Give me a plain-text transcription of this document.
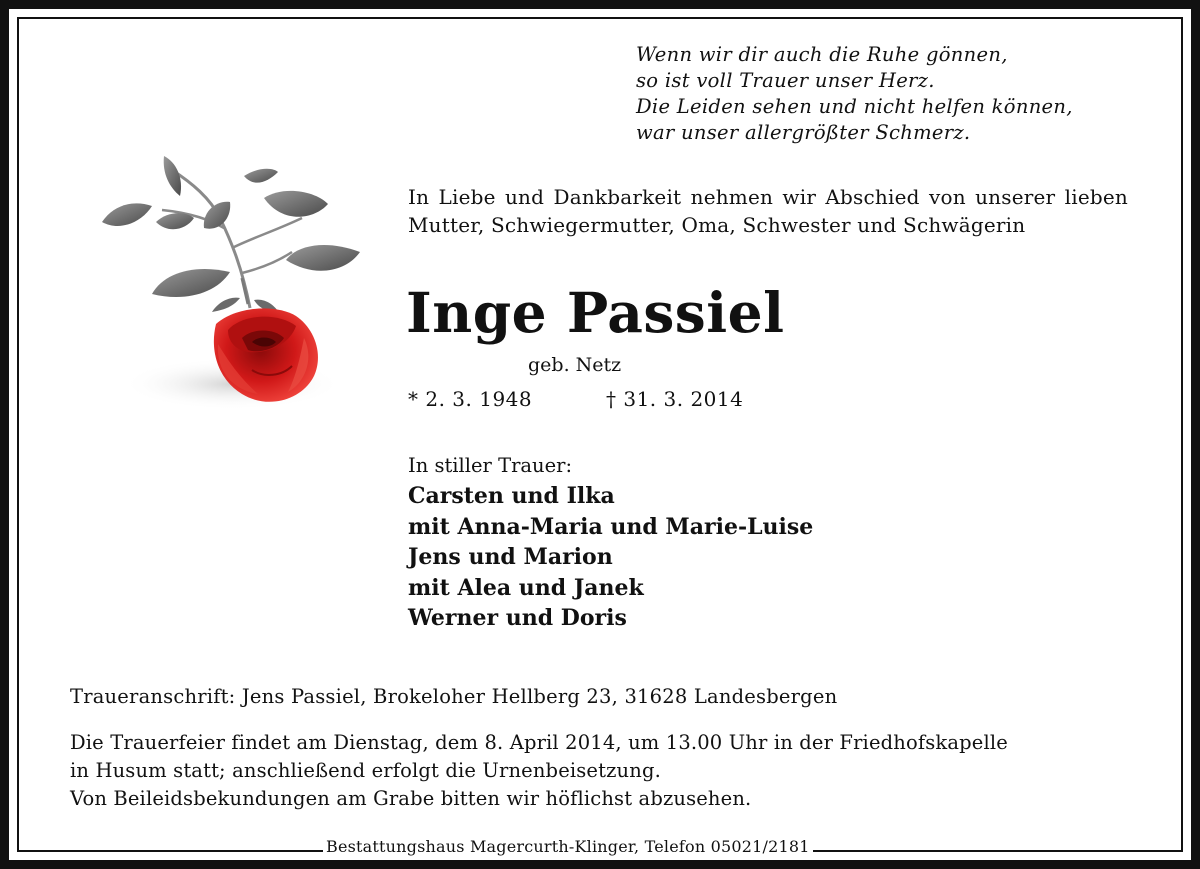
Wenn wir dir auch die Ruhe gönnen,
so ist voll Trauer unser Herz.
Die Leiden sehen und nicht helfen können,
war unser allergrößter Schmerz.
In Liebe und Dankbarkeit nehmen wir Abschied von unserer lieben Mutter, Schwiegermutter, Oma, Schwester und Schwägerin
Inge Passiel
geb. Netz
* 2. 3. 1948	† 31. 3. 2014
In stiller Trauer:
Carsten und Ilka
mit Anna-Maria und Marie-Luise
Jens und Marion
mit Alea und Janek
Werner und Doris
Traueranschrift: Jens Passiel, Brokeloher Hellberg 23, 31628 Landesbergen
Die Trauerfeier findet am Dienstag, dem 8. April 2014, um 13.00 Uhr in der Friedhofskapelle
in Husum statt; anschließend erfolgt die Urnenbeisetzung.
Von Beileidsbekundungen am Grabe bitten wir höflichst abzusehen.
Bestattungshaus Magercurth-Klinger, Telefon 05021/2181
